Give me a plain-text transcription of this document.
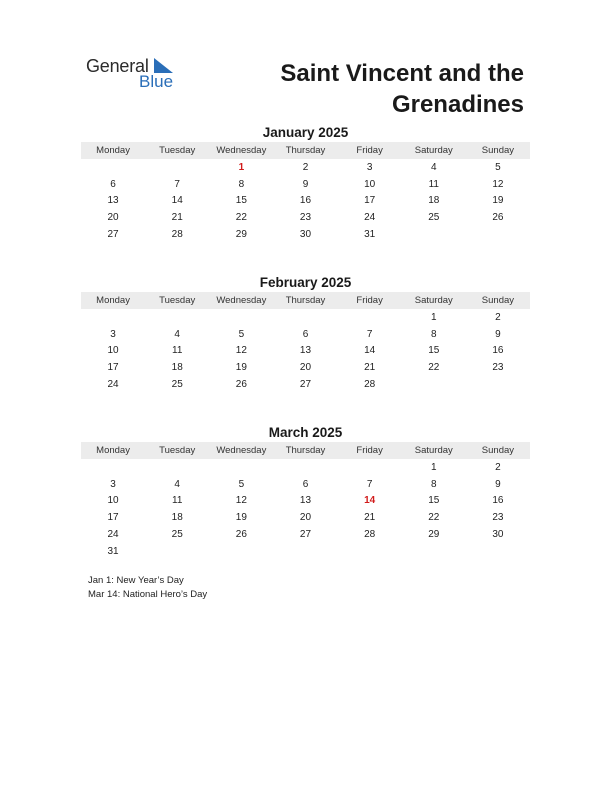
General
Blue	Saint Vincent and the
Grenadines
January 2025
Monday	Tuesday	Wednesday	Thursday	Friday	Saturday	Sunday
		1	2	3	4	5
6	7	8	9	10	11	12
13	14	15	16	17	18	19
20	21	22	23	24	25	26
27	28	29	30	31		
February 2025
Monday	Tuesday	Wednesday	Thursday	Friday	Saturday	Sunday
					1	2
3	4	5	6	7	8	9
10	11	12	13	14	15	16
17	18	19	20	21	22	23
24	25	26	27	28		
March 2025
Monday	Tuesday	Wednesday	Thursday	Friday	Saturday	Sunday
					1	2
3	4	5	6	7	8	9
10	11	12	13	14	15	16
17	18	19	20	21	22	23
24	25	26	27	28	29	30
31						
Jan 1: New Year’s Day
Mar 14: National Hero’s Day
